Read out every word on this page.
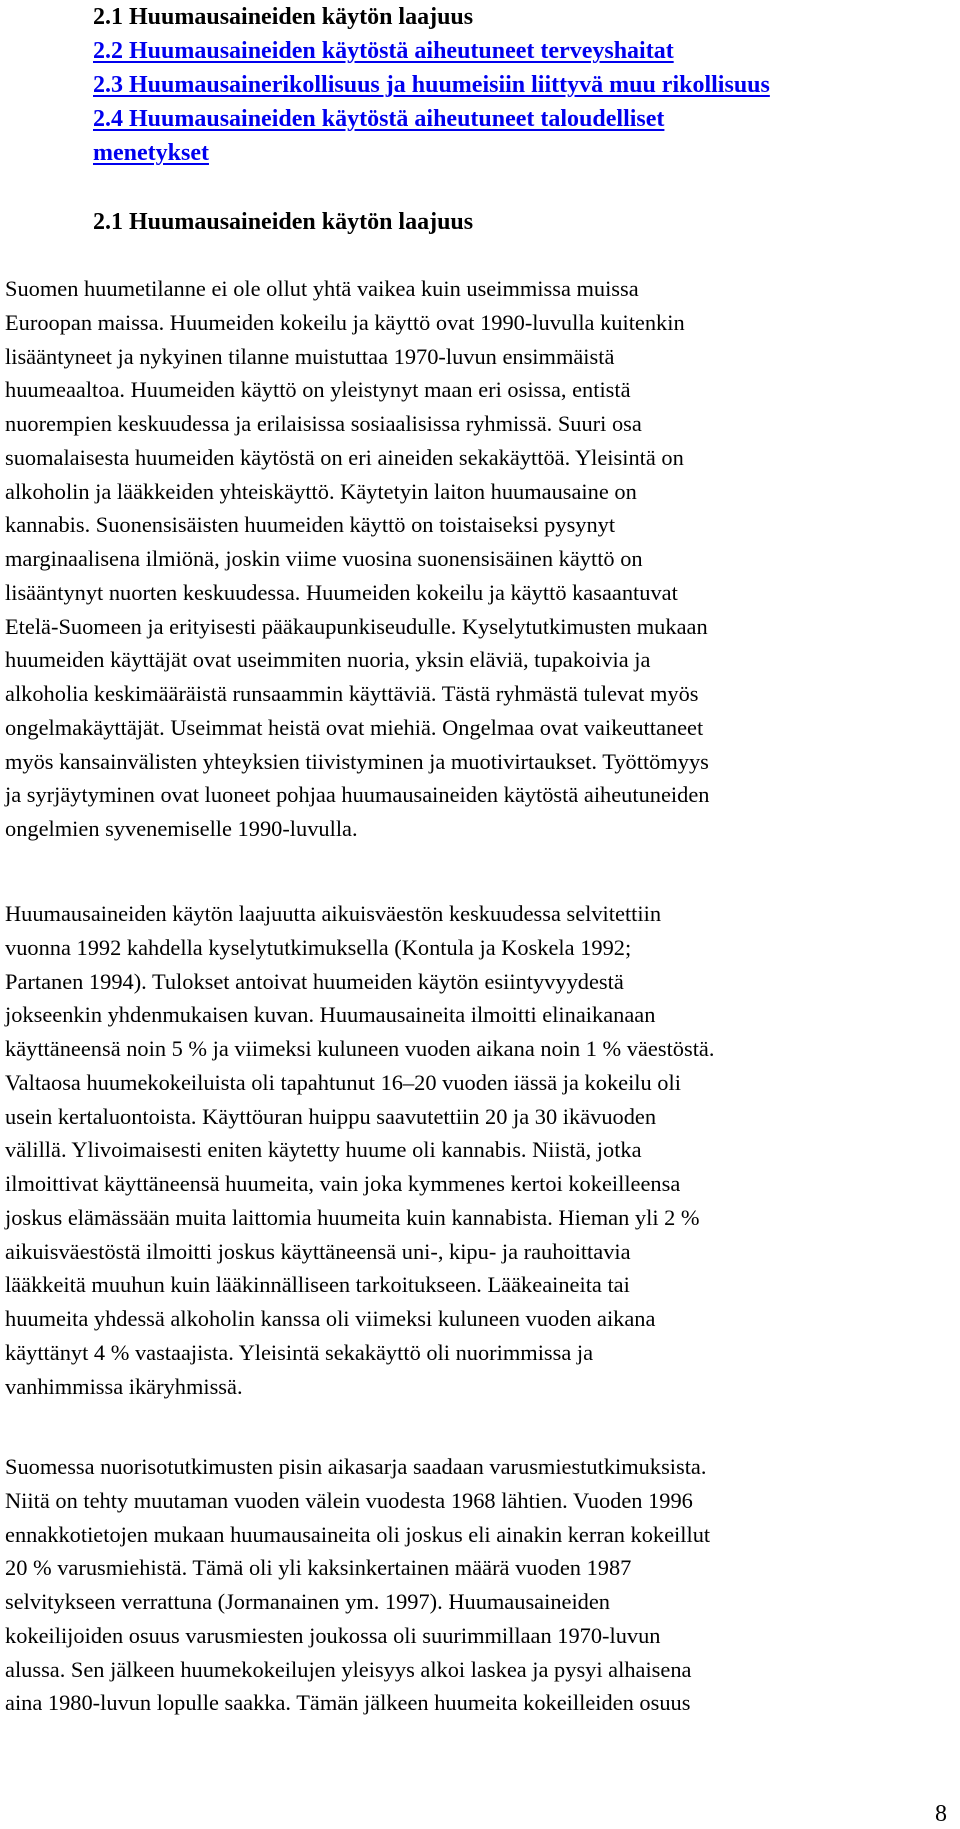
2.1 Huumausaineiden käytön laajuus
2.2 Huumausaineiden käytöstä aiheutuneet terveyshaitat
2.3 Huumausainerikollisuus ja huumeisiin liittyvä muu rikollisuus
2.4 Huumausaineiden käytöstä aiheutuneet taloudelliset
menetykset
2.1 Huumausaineiden käytön laajuus

Suomen huumetilanne ei ole ollut yhtä vaikea kuin useimmissa muissa
Euroopan maissa. Huumeiden kokeilu ja käyttö ovat 1990-luvulla kuitenkin
lisääntyneet ja nykyinen tilanne muistuttaa 1970-luvun ensimmäistä
huumeaaltoa. Huumeiden käyttö on yleistynyt maan eri osissa, entistä
nuorempien keskuudessa ja erilaisissa sosiaalisissa ryhmissä. Suuri osa
suomalaisesta huumeiden käytöstä on eri aineiden sekakäyttöä. Yleisintä on
alkoholin ja lääkkeiden yhteiskäyttö. Käytetyin laiton huumausaine on
kannabis. Suonensisäisten huumeiden käyttö on toistaiseksi pysynyt
marginaalisena ilmiönä, joskin viime vuosina suonensisäinen käyttö on
lisääntynyt nuorten keskuudessa. Huumeiden kokeilu ja käyttö kasaantuvat
Etelä-Suomeen ja erityisesti pääkaupunkiseudulle. Kyselytutkimusten mukaan
huumeiden käyttäjät ovat useimmiten nuoria, yksin eläviä, tupakoivia ja
alkoholia keskimääräistä runsaammin käyttäviä. Tästä ryhmästä tulevat myös
ongelmakäyttäjät. Useimmat heistä ovat miehiä. Ongelmaa ovat vaikeuttaneet
myös kansainvälisten yhteyksien tiivistyminen ja muotivirtaukset. Työttömyys
ja syrjäytyminen ovat luoneet pohjaa huumausaineiden käytöstä aiheutuneiden
ongelmien syvenemiselle 1990-luvulla.

Huumausaineiden käytön laajuutta aikuisväestön keskuudessa selvitettiin
vuonna 1992 kahdella kyselytutkimuksella (Kontula ja Koskela 1992;
Partanen 1994). Tulokset antoivat huumeiden käytön esiintyvyydestä
jokseenkin yhdenmukaisen kuvan. Huumausaineita ilmoitti elinaikanaan
käyttäneensä noin 5 % ja viimeksi kuluneen vuoden aikana noin 1 % väestöstä.
Valtaosa huumekokeiluista oli tapahtunut 16–20 vuoden iässä ja kokeilu oli
usein kertaluontoista. Käyttöuran huippu saavutettiin 20 ja 30 ikävuoden
välillä. Ylivoimaisesti eniten käytetty huume oli kannabis. Niistä, jotka
ilmoittivat käyttäneensä huumeita, vain joka kymmenes kertoi kokeilleensa
joskus elämässään muita laittomia huumeita kuin kannabista. Hieman yli 2 %
aikuisväestöstä ilmoitti joskus käyttäneensä uni-, kipu- ja rauhoittavia
lääkkeitä muuhun kuin lääkinnälliseen tarkoitukseen. Lääkeaineita tai
huumeita yhdessä alkoholin kanssa oli viimeksi kuluneen vuoden aikana
käyttänyt 4 % vastaajista. Yleisintä sekakäyttö oli nuorimmissa ja
vanhimmissa ikäryhmissä.

Suomessa nuorisotutkimusten pisin aikasarja saadaan varusmiestutkimuksista.
Niitä on tehty muutaman vuoden välein vuodesta 1968 lähtien. Vuoden 1996
ennakkotietojen mukaan huumausaineita oli joskus eli ainakin kerran kokeillut
20 % varusmiehistä. Tämä oli yli kaksinkertainen määrä vuoden 1987
selvitykseen verrattuna (Jormanainen ym. 1997). Huumausaineiden
kokeilijoiden osuus varusmiesten joukossa oli suurimmillaan 1970-luvun
alussa. Sen jälkeen huumekokeilujen yleisyys alkoi laskea ja pysyi alhaisena
aina 1980-luvun lopulle saakka. Tämän jälkeen huumeita kokeilleiden osuus

8
